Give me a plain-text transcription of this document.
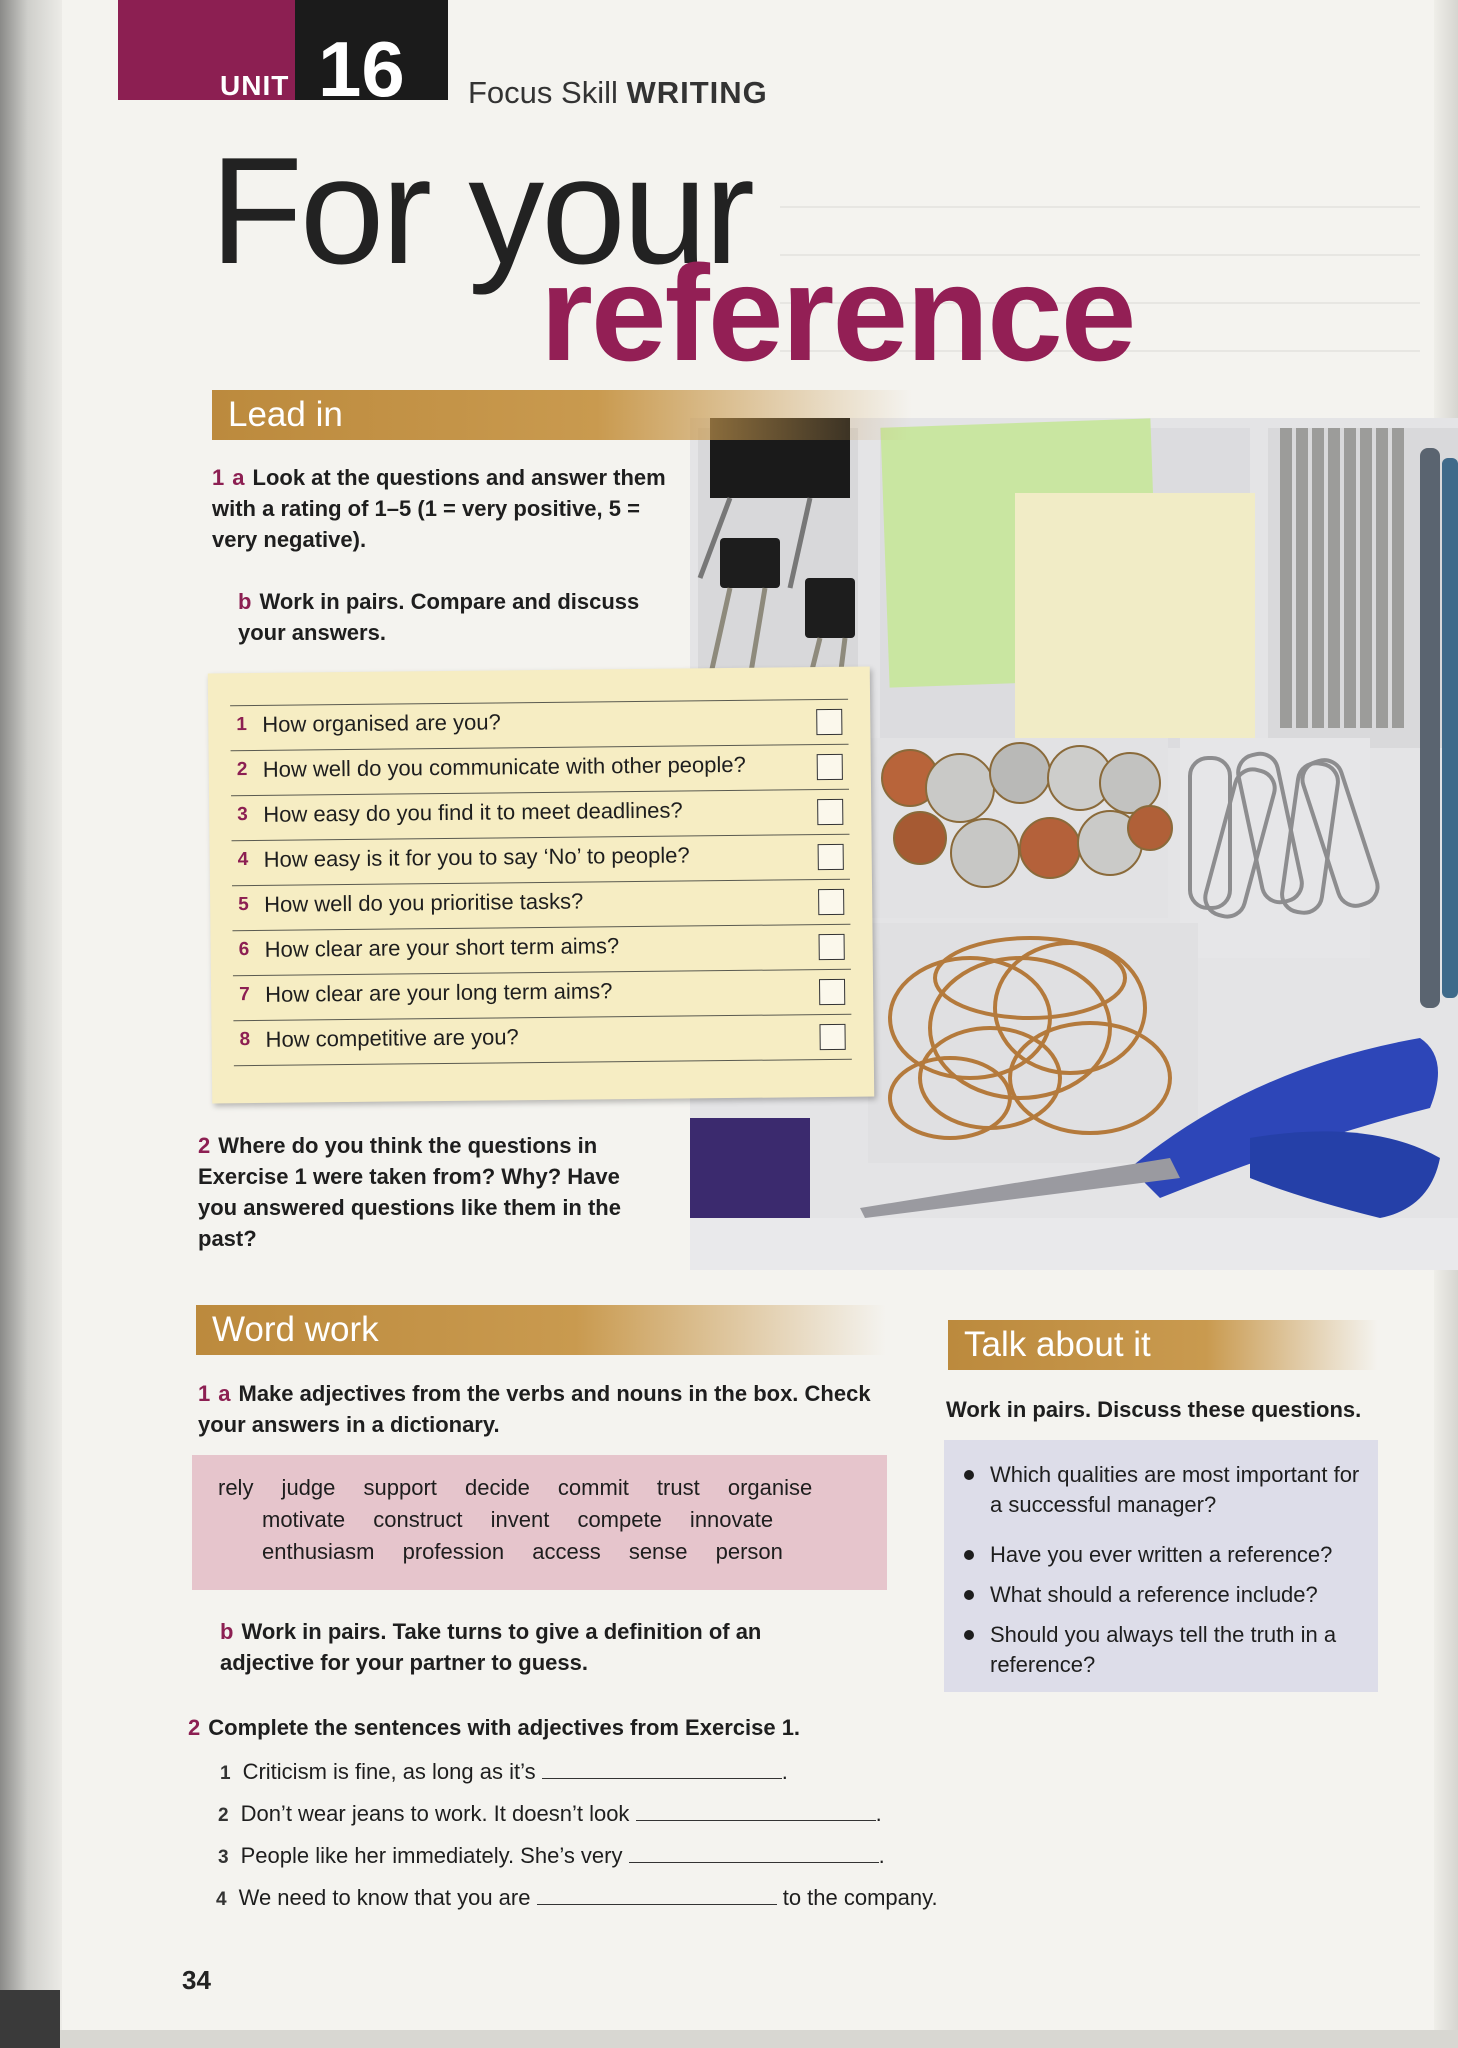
UNIT 16 Focus Skill WRITING
For your
reference
Lead in
1 a Look at the questions and answer them with a rating of 1–5 (1 = very positive, 5 = very negative).
b Work in pairs. Compare and discuss your answers.
1 How organised are you?
2 How well do you communicate with other people?
3 How easy do you find it to meet deadlines?
4 How easy is it for you to say ‘No’ to people?
5 How well do you prioritise tasks?
6 How clear are your short term aims?
7 How clear are your long term aims?
8 How competitive are you?
2 Where do you think the questions in Exercise 1 were taken from? Why? Have you answered questions like them in the past?
Word work
1 a Make adjectives from the verbs and nouns in the box. Check your answers in a dictionary.
rely judge support decide commit trust organise
motivate construct invent compete innovate
enthusiasm profession access sense person
b Work in pairs. Take turns to give a definition of an adjective for your partner to guess.
2 Complete the sentences with adjectives from Exercise 1.
1 Criticism is fine, as long as it’s	.
2 Don’t wear jeans to work. It doesn’t look	.
3 People like her immediately. She’s very	.
4 We need to know that you are	to the company.
Talk about it
Work in pairs. Discuss these questions.
Which qualities are most important for a successful manager?
Have you ever written a reference?
What should a reference include?
Should you always tell the truth in a reference?
34
